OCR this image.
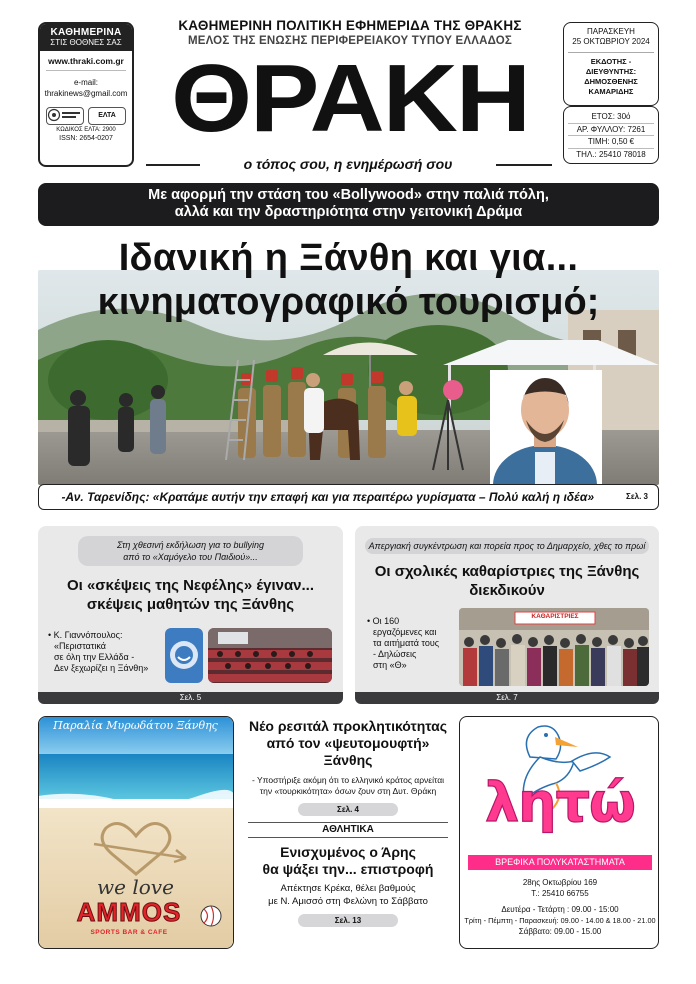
ΚΑΘΗΜΕΡΙΝΑ
ΣΤΙΣ ΘΟΘΝΕΣ ΣΑΣ
www.thraki.com.gr
e-mail:
thrakinews@gmail.com
ΕΛΤΑ
ΚΩΔΙΚΟΣ ΕΛΤΑ: 2900
ISSN: 2654-0207
ΚΑΘΗΜΕΡΙΝΗ ΠΟΛΙΤΙΚΗ ΕΦΗΜΕΡΙΔΑ ΤΗΣ ΘΡΑΚΗΣ
ΜΕΛΟΣ ΤΗΣ ΕΝΩΣΗΣ ΠΕΡΙΦΕΡΕΙΑΚΟΥ ΤΥΠΟΥ ΕΛΛΑΔΟΣ
ΘΡΑΚΗ
ο τόπος σου, η ενημέρωσή σου
ΠΑΡΑΣΚΕΥΗ
25 ΟΚΤΩΒΡΙΟΥ 2024
ΕΚΔΟΤΗΣ - ΔΙΕΥΘΥΝΤΗΣ:
ΔΗΜΟΣΘΕΝΗΣ
ΚΑΜΑΡΙΔΗΣ
ΕΤΟΣ: 30ό
ΑΡ. ΦΥΛΛΟΥ: 7261
ΤΙΜΗ: 0,50 €
ΤΗΛ.: 25410 78018
Με αφορμή την στάση του «Bollywood» στην παλιά πόλη,
αλλά και την δραστηριότητα στην γειτονική Δράμα
Ιδανική η Ξάνθη και για...
κινηματογραφικό τουρισμό;
-Αν. Ταρενίδης: «Κρατάμε αυτήν την επαφή και για περαιτέρω γυρίσματα – Πολύ καλή η ιδέα»	Σελ. 3
Στη χθεσινή εκδήλωση για το bullying
από το «Χαμόγελο του Παιδιού»...
Οι «σκέψεις της Νεφέλης» έγιναν...
σκέψεις μαθητών της Ξάνθης
• Κ. Γιαννόπουλος:
«Περιστατικά
σε όλη την Ελλάδα -
Δεν ξεχωρίζει η Ξάνθη»
Σελ. 5
Απεργιακή συγκέντρωση και πορεία προς το Δημαρχείο, χθες το πρωί
Οι σχολικές καθαρίστριες της Ξάνθης
διεκδικούν
• Οι 160
εργαζόμενες και
τα αιτήματά τους
- Δηλώσεις
στη «Θ»
ΚΑΘΑΡΙΣΤΡΙΕΣ
Σελ. 7
Παραλία Μυρωδάτου Ξάνθης
we love
AMMOS
SPORTS BAR & CAFE
Νέο ρεσιτάλ προκλητικότητας
από τον «ψευτομουφτή»
Ξάνθης
- Υποστήριξε ακόμη ότι το ελληνικό κράτος αρνείται
την «τουρκικότητα» όσων ζουν στη Δυτ. Θράκη
Σελ. 4
ΑΘΛΗΤΙΚΑ
Ενισχυμένος ο Άρης
θα ψάξει την... επιστροφή
Απέκτησε Κρέκα, θέλει βαθμούς
με Ν. Αμισσό στη Φελώνη το Σάββατο
Σελ. 13
λητώ
ΒΡΕΦΙΚΑ ΠΟΛΥΚΑΤΑΣΤΗΜΑΤΑ
28ης Οκτωβρίου 169
Τ.: 25410 66755
Δευτέρα - Τετάρτη : 09.00 - 15:00
Τρίτη - Πέμπτη - Παρασκευή: 09.00 - 14.00 & 18.00 - 21.00
Σάββατο: 09.00 - 15.00
